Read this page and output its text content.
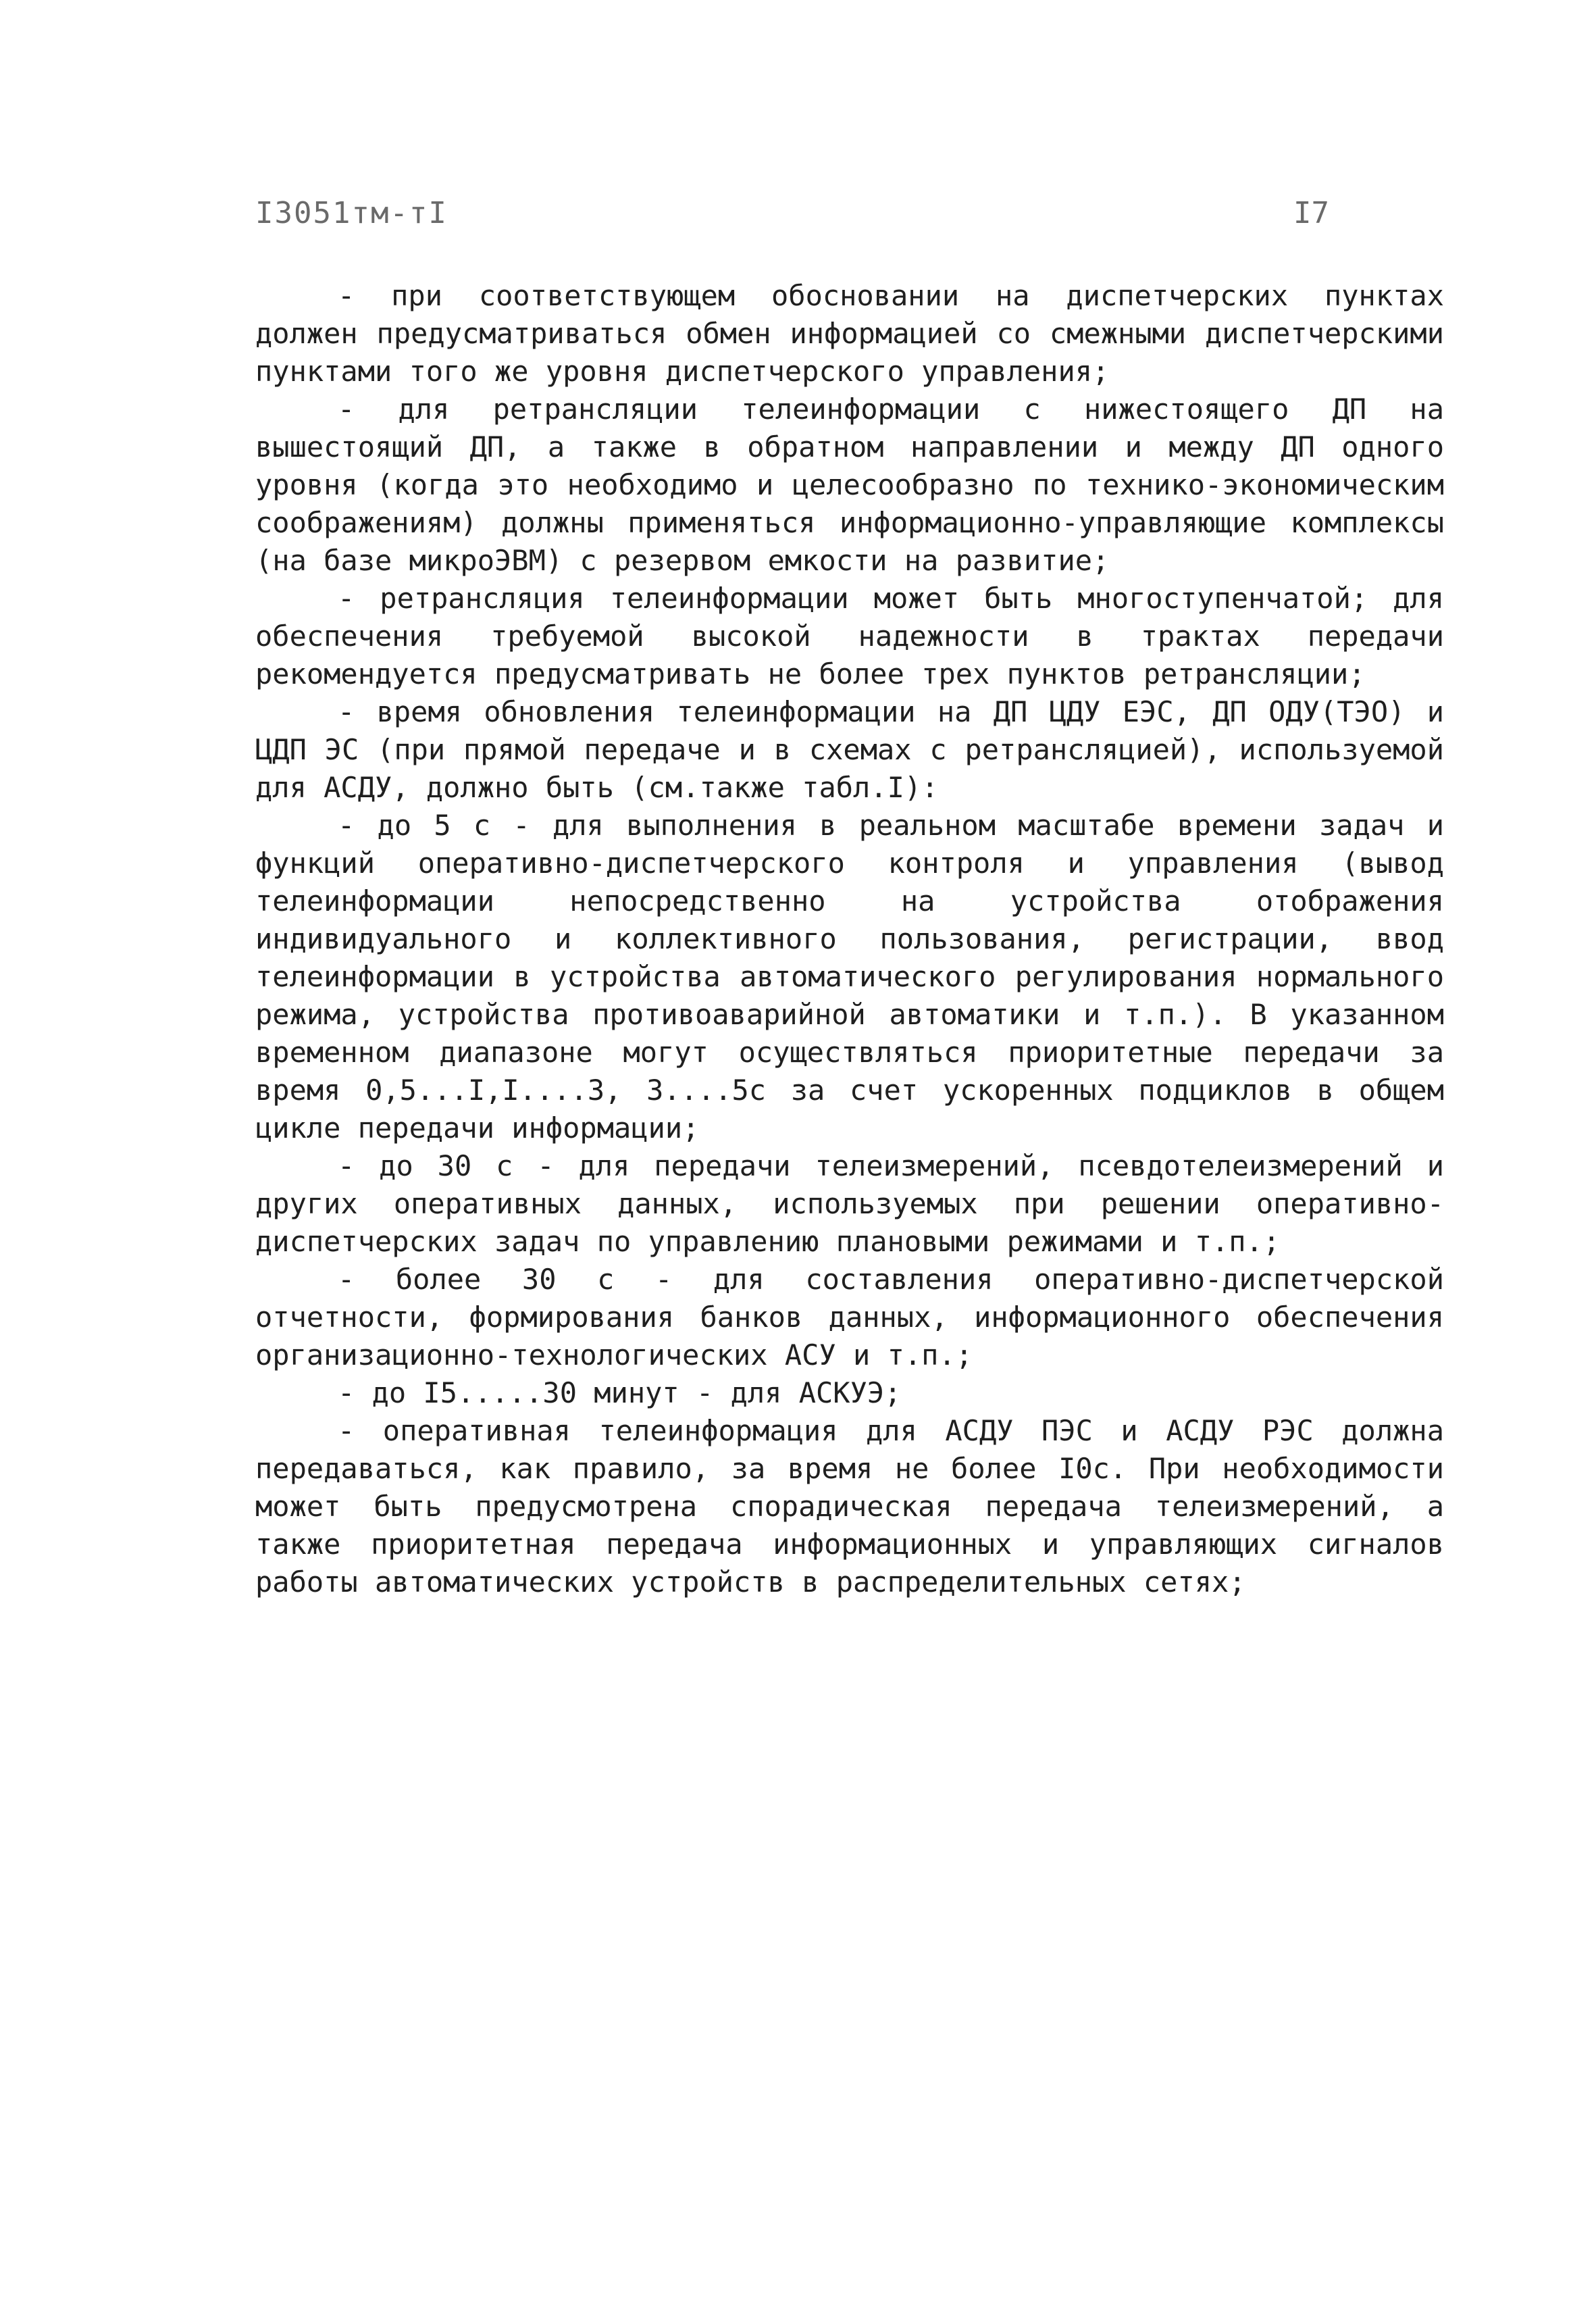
I3051тм-тI	I7

- при соответствующем обосновании на диспетчерских пунктах должен предусматриваться обмен информацией со смежными диспетчерскими пунктами того же уровня диспетчерского управления;

- для ретрансляции телеинформации с нижестоящего ДП на вышестоящий ДП, а также в обратном направлении и между ДП одного уровня (когда это необходимо и целесообразно по технико-экономическим соображениям) должны применяться информационно-управляющие комплексы (на базе микроЭВМ) с резервом емкости на развитие;

- ретрансляция телеинформации может быть многоступенчатой; для обеспечения требуемой высокой надежности в трактах передачи рекомендуется предусматривать не более трех пунктов ретрансляции;

- время обновления телеинформации на ДП ЦДУ ЕЭС, ДП ОДУ(ТЭО) и ЦДП ЭС (при прямой передаче и в схемах с ретрансляцией), используемой для АСДУ, должно быть (см.также табл.I):

- до 5 с - для выполнения в реальном масштабе времени задач и функций оперативно-диспетчерского контроля и управления (вывод телеинформации непосредственно на устройства отображения индивидуального и коллективного пользования, регистрации, ввод телеинформации в устройства автоматического регулирования нормального режима, устройства противоаварийной автоматики и т.п.). В указанном временном диапазоне могут осуществляться приоритетные передачи за время 0,5...I,I....3, 3....5с за счет ускоренных подциклов в общем цикле передачи информации;

- до 30 с - для передачи телеизмерений, псевдотелеизмерений и других оперативных данных, используемых при решении оперативно-диспетчерских задач по управлению плановыми режимами и т.п.;

- более 30 с - для составления оперативно-диспетчерской отчетности, формирования банков данных, информационного обеспечения организационно-технологических АСУ и т.п.;

- до I5.....30 минут - для АСКУЭ;

- оперативная телеинформация для АСДУ ПЭС и АСДУ РЭС должна передаваться, как правило, за время не более I0с. При необходимости может быть предусмотрена спорадическая передача телеизмерений, а также приоритетная передача информационных и управляющих сигналов работы автоматических устройств в распределительных сетях;
